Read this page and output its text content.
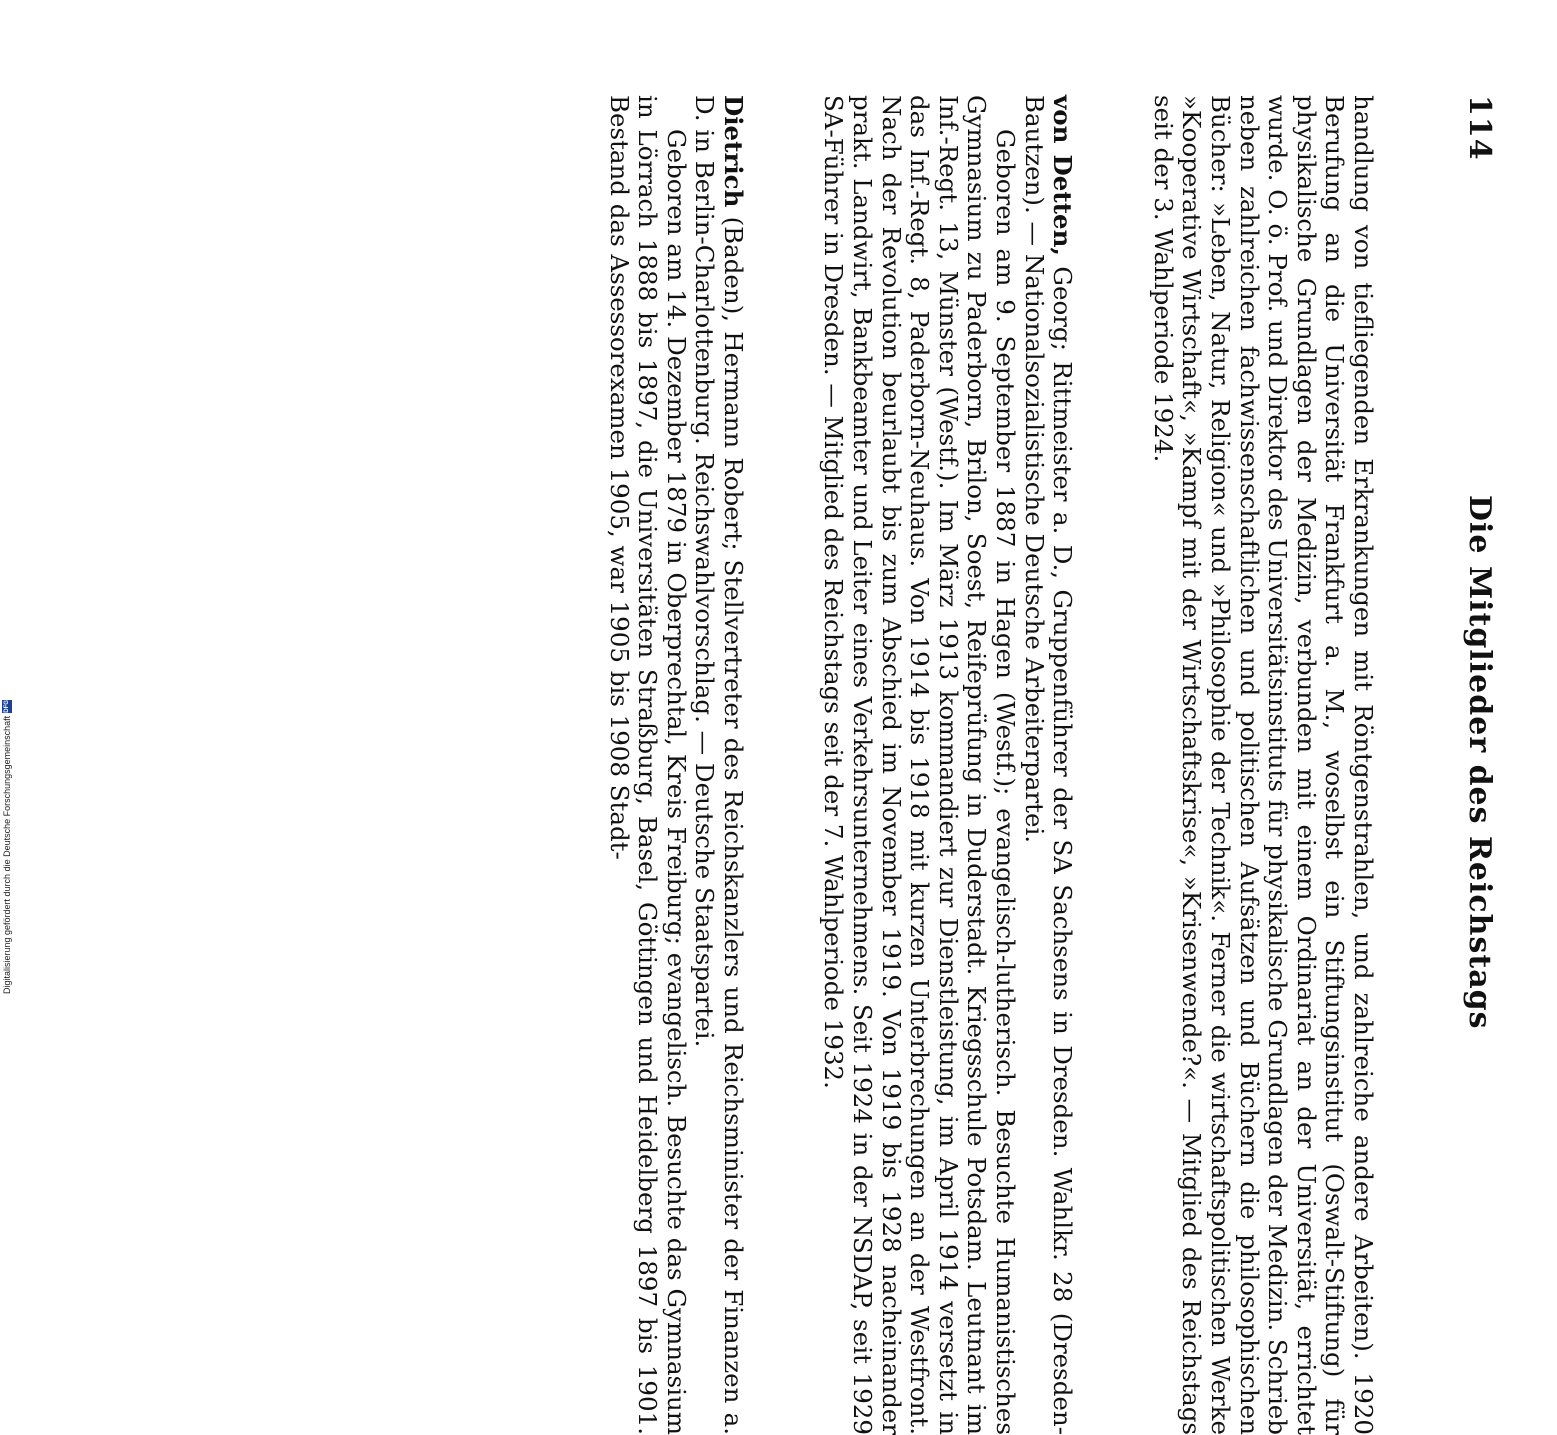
114
Die Mitglieder des Reichstags

handlung von tiefliegenden Erkrankungen mit Röntgenstrahlen, und zahlreiche andere Arbeiten). 1920 Berufung an die Universität Frankfurt a. M., woselbst ein Stiftungsinstitut (Oswalt-Stiftung) für physikalische Grundlagen der Medizin, verbunden mit einem Ordinariat an der Universität, errichtet wurde. O. ö. Prof. und Direktor des Universitätsinstituts für physikalische Grundlagen der Medizin. Schrieb neben zahlreichen fachwissenschaftlichen und politischen Aufsätzen und Büchern die philosophischen Bücher: »Leben, Natur, Religion« und »Philosophie der Technik«. Ferner die wirtschaftspolitischen Werke »Kooperative Wirtschaft«, »Kampf mit der Wirtschaftskrise«, »Krisenwende?«. — Mitglied des Reichstags seit der 3. Wahlperiode 1924.

von Detten, Georg; Rittmeister a. D., Gruppenführer der SA Sachsens in Dresden. Wahlkr. 28 (Dresden-Bautzen). — Nationalsozialistische Deutsche Arbeiterpartei.

Geboren am 9. September 1887 in Hagen (Westf.); evangelisch-lutherisch. Besuchte Humanistisches Gymnasium zu Paderborn, Brilon, Soest, Reifeprüfung in Duderstadt. Kriegsschule Potsdam. Leutnant im Inf.-Regt. 13, Münster (Westf.). Im März 1913 kommandiert zur Dienstleistung, im April 1914 versetzt in das Inf.-Regt. 8, Paderborn-Neuhaus. Von 1914 bis 1918 mit kurzen Unterbrechungen an der Westfront. Nach der Revolution beurlaubt bis zum Abschied im November 1919. Von 1919 bis 1928 nacheinander prakt. Landwirt, Bankbeamter und Leiter eines Verkehrsunternehmens. Seit 1924 in der NSDAP, seit 1929 SA-Führer in Dresden. — Mitglied des Reichstags seit der 7. Wahlperiode 1932.

Dietrich (Baden), Hermann Robert; Stellvertreter des Reichskanzlers und Reichsminister der Finanzen a. D. in Berlin-Charlottenburg. Reichswahlvorschlag. — Deutsche Staatspartei.

Geboren am 14. Dezember 1879 in Oberprechtal, Kreis Freiburg; evangelisch. Besuchte das Gymnasium in Lörrach 1888 bis 1897, die Universitäten Straßburg, Basel, Göttingen und Heidelberg 1897 bis 1901. Bestand das Assessorexamen 1905, war 1905 bis 1908 Stadt-

Digitalisierung gefördert durch die Deutsche Forschungsgemeinschaft
DFG
